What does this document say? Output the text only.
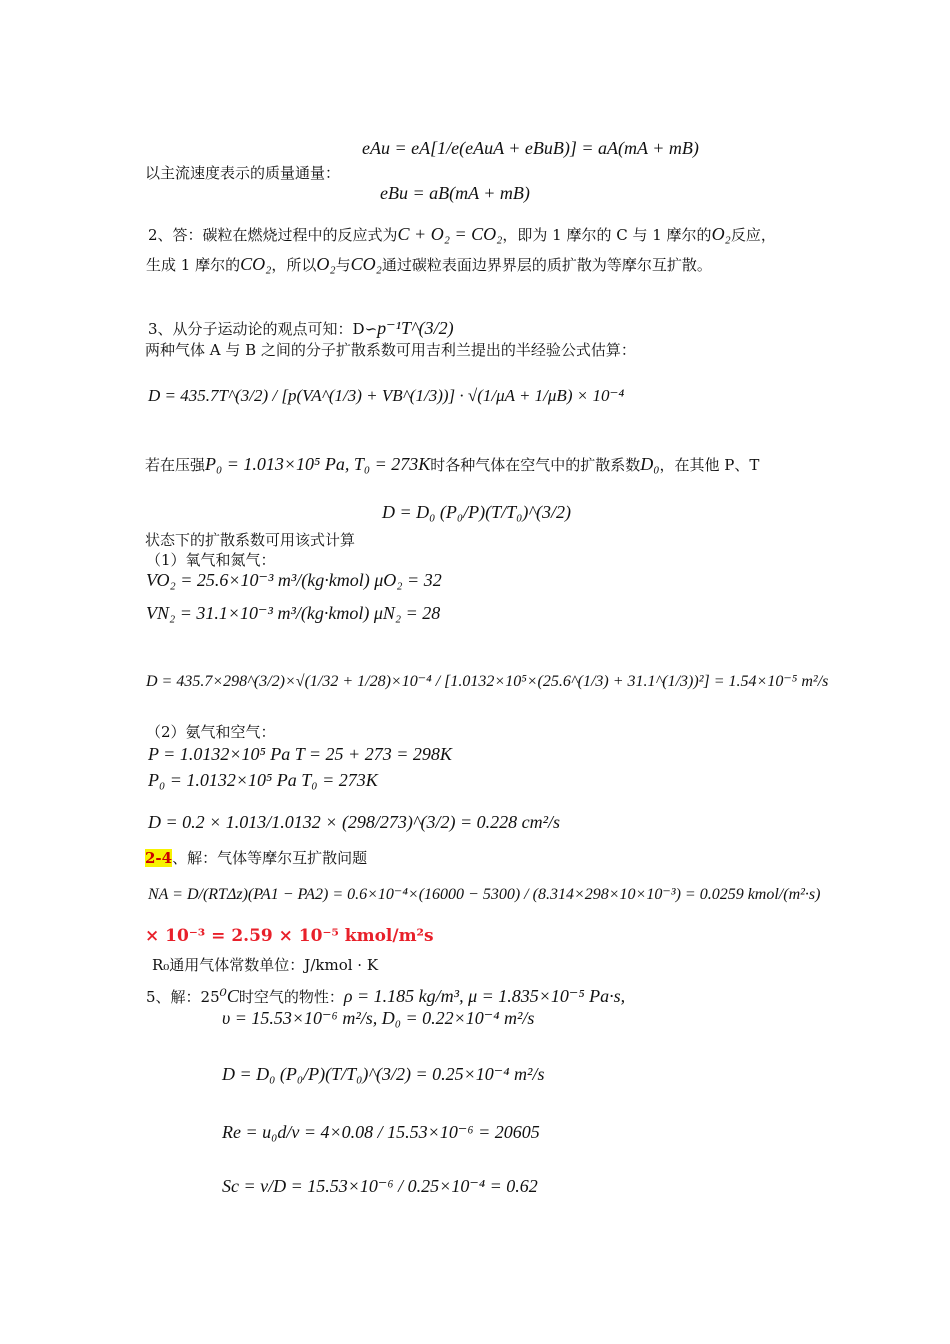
eAu = eA[1/e(eAuA + eBuB)] = aA(mA + mB)
以主流速度表示的质量通量：
eBu = aB(mA + mB)
2、答：碳粒在燃烧过程中的反应式为C + O₂ = CO₂，即为 1 摩尔的 C 与 1 摩尔的O₂反应，
生成 1 摩尔的CO₂，所以O₂与CO₂通过碳粒表面边界界层的质扩散为等摩尔互扩散。
3、从分子运动论的观点可知：D∽p⁻¹T^(3/2)
两种气体 A 与 B 之间的分子扩散系数可用吉利兰提出的半经验公式估算：
D = 435.7T^(3/2) / [p(VA^(1/3) + VB^(1/3))] · √(1/μA + 1/μB) × 10⁻⁴
若在压强P₀ = 1.013×10⁵ Pa, T₀ = 273K时各种气体在空气中的扩散系数D₀，在其他 P、T
D = D₀ (P₀/P)(T/T₀)^(3/2)
状态下的扩散系数可用该式计算
（1）氧气和氮气：
VO₂ = 25.6×10⁻³ m³/(kg·kmol) μO₂ = 32
VN₂ = 31.1×10⁻³ m³/(kg·kmol) μN₂ = 28
D = 435.7×298^(3/2)×√(1/32 + 1/28)×10⁻⁴ / [1.0132×10⁵×(25.6^(1/3) + 31.1^(1/3))²] = 1.54×10⁻⁵ m²/s
（2）氨气和空气：
P = 1.0132×10⁵ Pa T = 25 + 273 = 298K
P₀ = 1.0132×10⁵ Pa T₀ = 273K
D = 0.2 × 1.013/1.0132 × (298/273)^(3/2) = 0.228 cm²/s
2-4、解：气体等摩尔互扩散问题
NA = D/(RTΔz)(PA1 − PA2) = 0.6×10⁻⁴×(16000 − 5300) / (8.314×298×10×10⁻³) = 0.0259 kmol/(m²·s)
× 10⁻³ = 2.59 × 10⁻⁵ kmol/m²s
R₀通用气体常数单位：J/kmol · K
5、解：25⁰C时空气的物性：ρ = 1.185 kg/m³, μ = 1.835×10⁻⁵ Pa·s,
υ = 15.53×10⁻⁶ m²/s, D₀ = 0.22×10⁻⁴ m²/s
D = D₀ (P₀/P)(T/T₀)^(3/2) = 0.25×10⁻⁴ m²/s
Re = u₀d/v = 4×0.08 / 15.53×10⁻⁶ = 20605
Sc = v/D = 15.53×10⁻⁶ / 0.25×10⁻⁴ = 0.62
